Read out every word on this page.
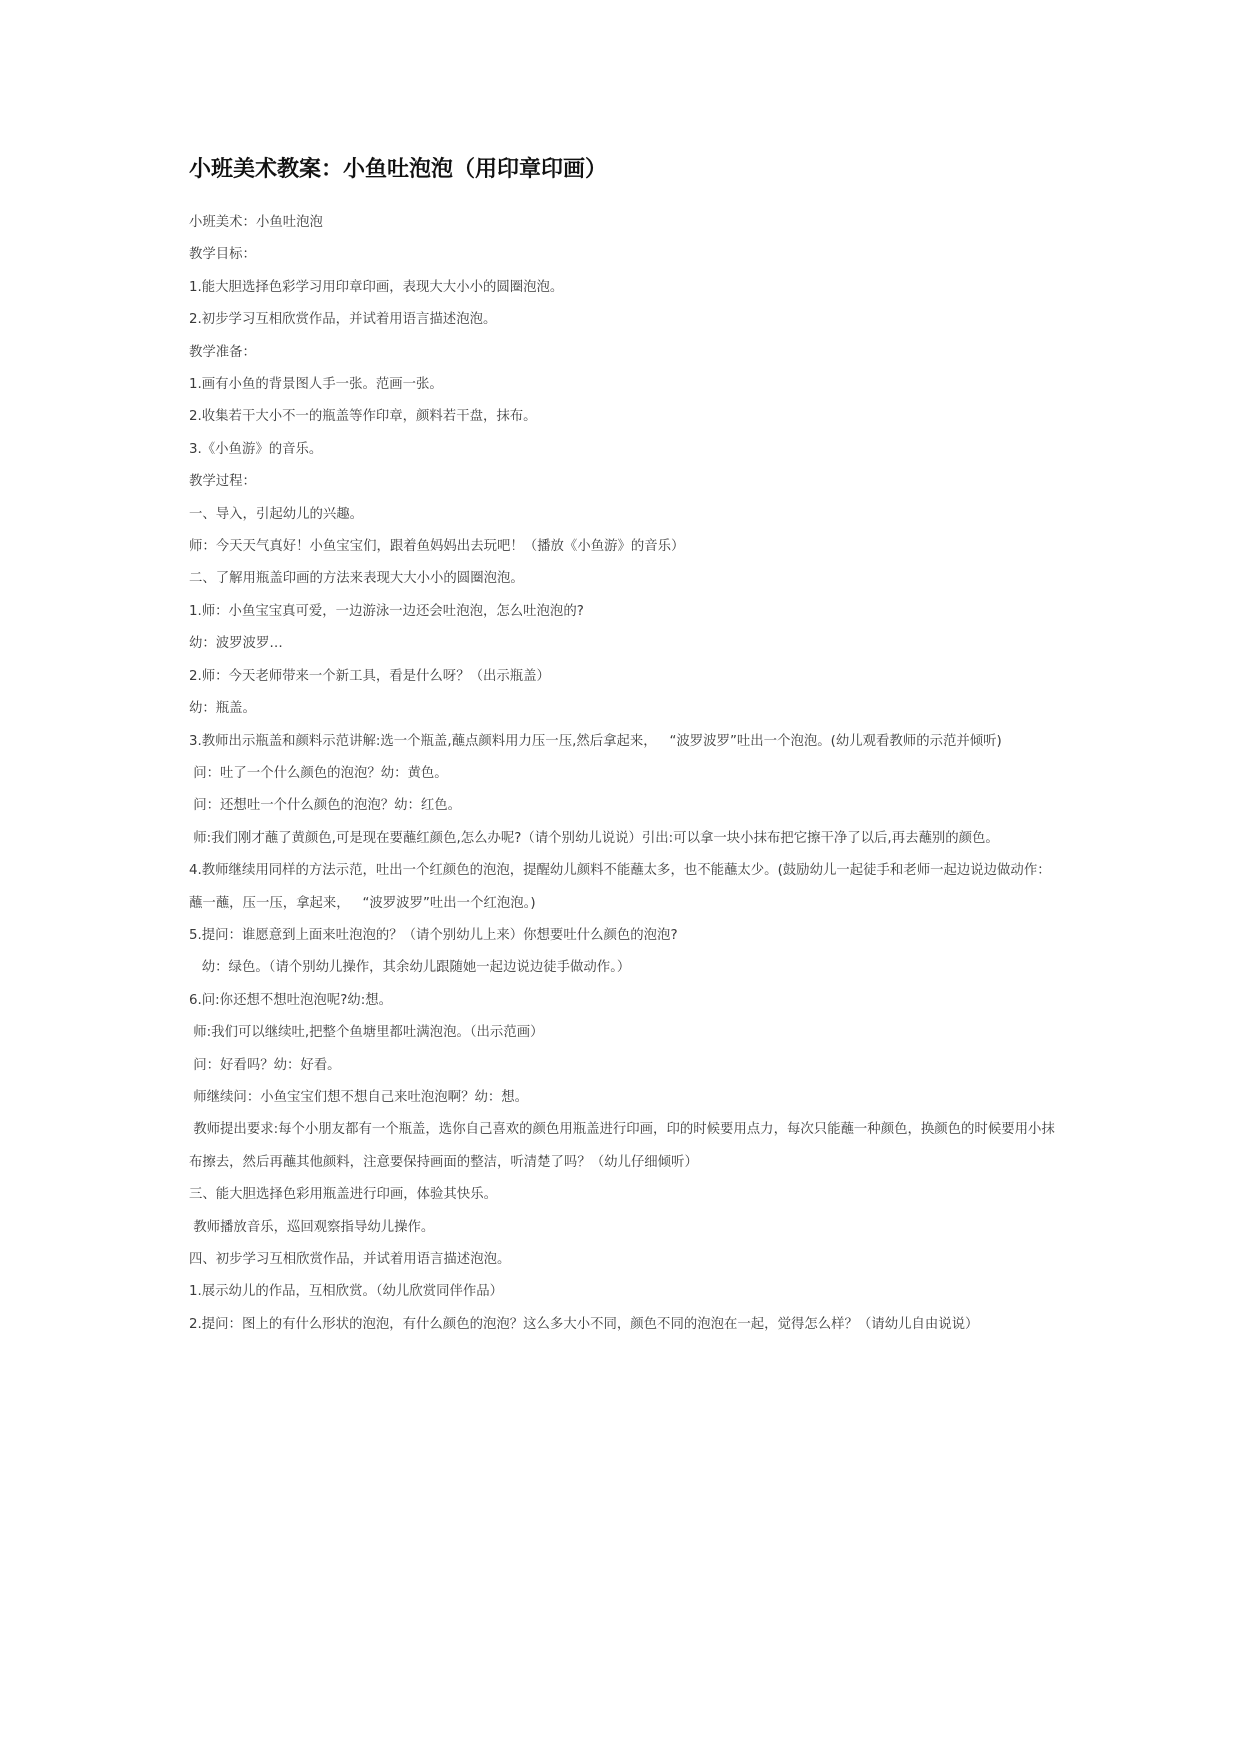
小班美术教案：小鱼吐泡泡（用印章印画）

小班美术：小鱼吐泡泡

教学目标：

1.能大胆选择色彩学习用印章印画，表现大大小小的圆圈泡泡。

2.初步学习互相欣赏作品，并试着用语言描述泡泡。

教学准备：

1.画有小鱼的背景图人手一张。范画一张。

2.收集若干大小不一的瓶盖等作印章，颜料若干盘，抹布。

3.《小鱼游》的音乐。

教学过程：

一、导入，引起幼儿的兴趣。

师：今天天气真好！小鱼宝宝们，跟着鱼妈妈出去玩吧！（播放《小鱼游》的音乐）

二、了解用瓶盖印画的方法来表现大大小小的圆圈泡泡。

1.师：小鱼宝宝真可爱，一边游泳一边还会吐泡泡，怎么吐泡泡的?

幼：波罗波罗…

2.师：今天老师带来一个新工具，看是什么呀？（出示瓶盖）

幼：瓶盖。

3.教师出示瓶盖和颜料示范讲解:选一个瓶盖,蘸点颜料用力压一压,然后拿起来，   “波罗波罗”吐出一个泡泡。(幼儿观看教师的示范并倾听)

问：吐了一个什么颜色的泡泡？幼：黄色。

问：还想吐一个什么颜色的泡泡？幼：红色。

师:我们刚才蘸了黄颜色,可是现在要蘸红颜色,怎么办呢?（请个别幼儿说说）引出:可以拿一块小抹布把它擦干净了以后,再去蘸别的颜色。

4.教师继续用同样的方法示范，吐出一个红颜色的泡泡，提醒幼儿颜料不能蘸太多，也不能蘸太少。(鼓励幼儿一起徒手和老师一起边说边做动作：蘸一蘸，压一压，拿起来，   “波罗波罗”吐出一个红泡泡。)

5.提问：谁愿意到上面来吐泡泡的？（请个别幼儿上来）你想要吐什么颜色的泡泡?

幼：绿色。（请个别幼儿操作，其余幼儿跟随她一起边说边徒手做动作。）

6.问:你还想不想吐泡泡呢?幼:想。

师:我们可以继续吐,把整个鱼塘里都吐满泡泡。（出示范画）

问：好看吗？幼：好看。

师继续问：小鱼宝宝们想不想自己来吐泡泡啊？幼：想。

教师提出要求:每个小朋友都有一个瓶盖，选你自己喜欢的颜色用瓶盖进行印画，印的时候要用点力，每次只能蘸一种颜色，换颜色的时候要用小抹布擦去，然后再蘸其他颜料，注意要保持画面的整洁，听清楚了吗？（幼儿仔细倾听）

三、能大胆选择色彩用瓶盖进行印画，体验其快乐。

教师播放音乐，巡回观察指导幼儿操作。

四、初步学习互相欣赏作品，并试着用语言描述泡泡。

1.展示幼儿的作品，互相欣赏。（幼儿欣赏同伴作品）

2.提问：图上的有什么形状的泡泡，有什么颜色的泡泡？这么多大小不同，颜色不同的泡泡在一起，觉得怎么样？（请幼儿自由说说）
